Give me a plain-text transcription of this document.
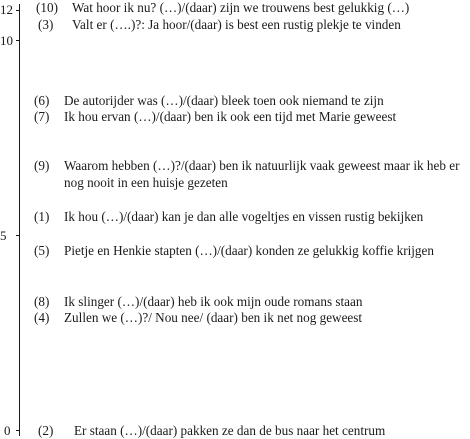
12
10
5
0
(10) Wat hoor ik nu? (…)/(daar) zijn we trouwens best gelukkig (…)
(3) Valt er (….)?: Ja hoor/(daar) is best een rustig plekje te vinden
(6) De autorijder was (…)/(daar) bleek toen ook niemand te zijn
(7) Ik hou ervan (…)/(daar) ben ik ook een tijd met Marie geweest
(9) Waarom hebben (…)?/(daar) ben ik natuurlijk vaak geweest maar ik heb er nog nooit in een huisje gezeten
(1) Ik hou (…)/(daar) kan je dan alle vogeltjes en vissen rustig bekijken
(5) Pietje en Henkie stapten (…)/(daar) konden ze gelukkig koffie krijgen
(8) Ik slinger (…)/(daar) heb ik ook mijn oude romans staan
(4) Zullen we (…)?/ Nou nee/ (daar) ben ik net nog geweest
(2) Er staan (…)/(daar) pakken ze dan de bus naar het centrum
